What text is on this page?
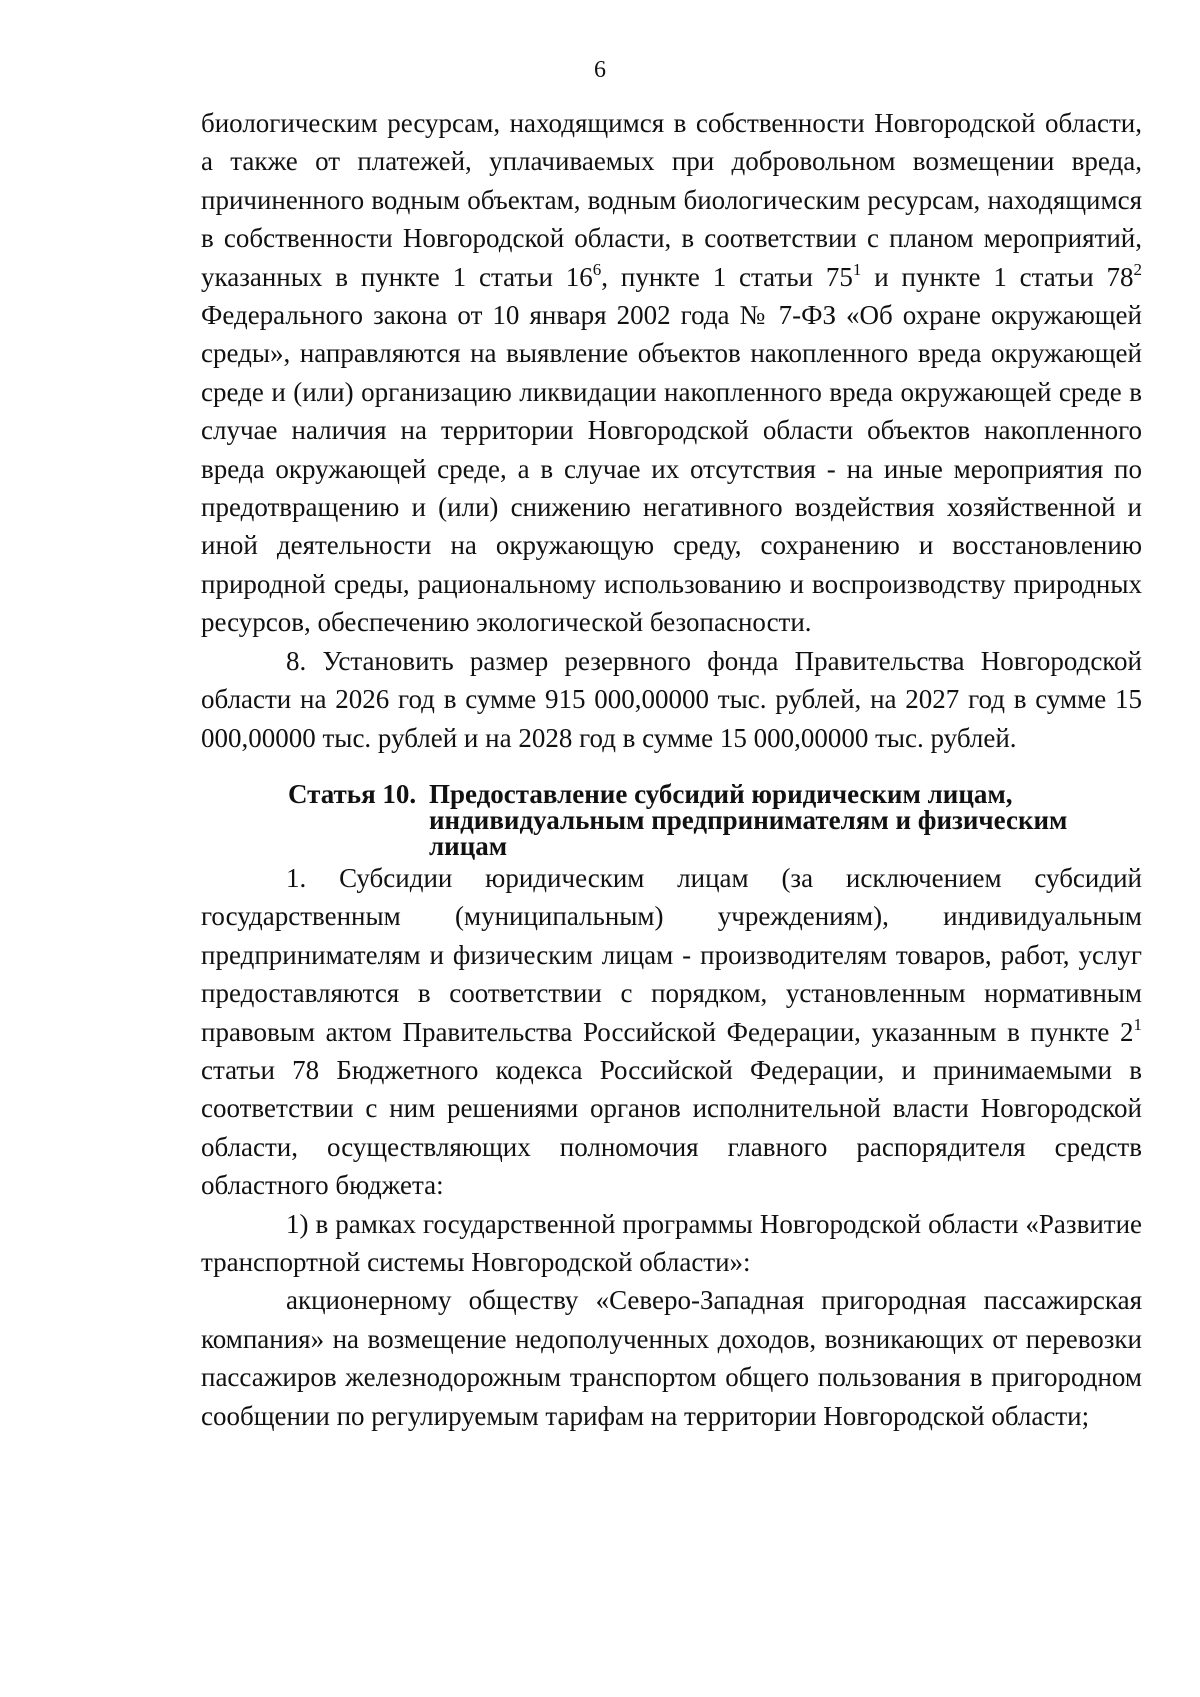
6

биологическим ресурсам, находящимся в собственности Новгородской области, а также от платежей, уплачиваемых при добровольном возмещении вреда, причиненного водным объектам, водным биологическим ресурсам, находящимся в собственности Новгородской области, в соответствии с планом мероприятий, указанных в пункте 1 статьи $16^6$, пункте 1 статьи $75^1$ и пункте 1 статьи $78^2$ Федерального закона от 10 января 2002 года № 7-ФЗ «Об охране окружающей среды», направляются на выявление объектов накопленного вреда окружающей среде и (или) организацию ликвидации накопленного вреда окружающей среде в случае наличия на территории Новгородской области объектов накопленного вреда окружающей среде, а в случае их отсутствия - на иные мероприятия по предотвращению и (или) снижению негативного воздействия хозяйственной и иной деятельности на окружающую среду, сохранению и восстановлению природной среды, рациональному использованию и воспроизводству природных ресурсов, обеспечению экологической безопасности.

8. Установить размер резервного фонда Правительства Новгородской области на 2026 год в сумме 915 000,00000 тыс. рублей, на 2027 год в сумме 15 000,00000 тыс. рублей и на 2028 год в сумме 15 000,00000 тыс. рублей.

Статья 10. Предоставление субсидий юридическим лицам, индивидуальным предпринимателям и физическим лицам

1. Субсидии юридическим лицам (за исключением субсидий государственным (муниципальным) учреждениям), индивидуальным предпринимателям и физическим лицам - производителям товаров, работ, услуг предоставляются в соответствии с порядком, установленным нормативным правовым актом Правительства Российской Федерации, указанным в пункте $2^1$ статьи 78 Бюджетного кодекса Российской Федерации, и принимаемыми в соответствии с ним решениями органов исполнительной власти Новгородской области, осуществляющих полномочия главного распорядителя средств областного бюджета:

1) в рамках государственной программы Новгородской области «Развитие транспортной системы Новгородской области»:

акционерному обществу «Северо-Западная пригородная пассажирская компания» на возмещение недополученных доходов, возникающих от перевозки пассажиров железнодорожным транспортом общего пользования в пригородном сообщении по регулируемым тарифам на территории Новгородской области;
